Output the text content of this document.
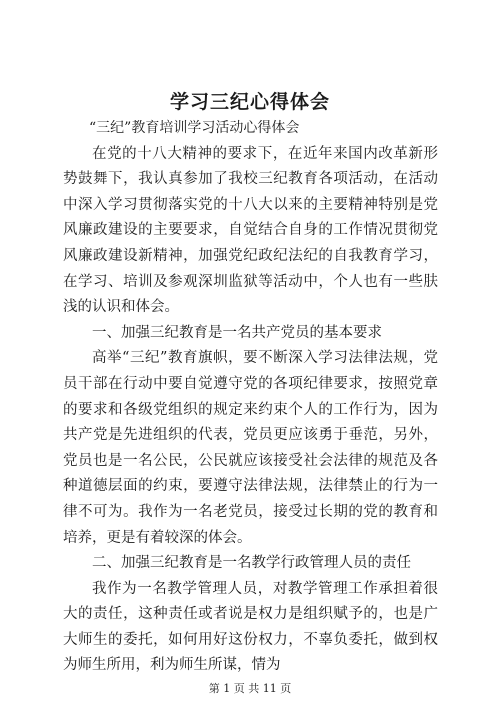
学习三纪心得体会

“三纪”教育培训学习活动心得体会

在党的十八大精神的要求下，在近年来国内改革新形势鼓舞下，我认真参加了我校三纪教育各项活动，在活动中深入学习贯彻落实党的十八大以来的主要精神特别是党风廉政建设的主要要求，自觉结合自身的工作情况贯彻党风廉政建设新精神，加强党纪政纪法纪的自我教育学习，在学习、培训及参观深圳监狱等活动中，个人也有一些肤浅的认识和体会。

一、加强三纪教育是一名共产党员的基本要求

高举“三纪”教育旗帜，要不断深入学习法律法规，党员干部在行动中要自觉遵守党的各项纪律要求，按照党章的要求和各级党组织的规定来约束个人的工作行为，因为共产党是先进组织的代表，党员更应该勇于垂范，另外，党员也是一名公民，公民就应该接受社会法律的规范及各种道德层面的约束，要遵守法律法规，法律禁止的行为一律不可为。我作为一名老党员，接受过长期的党的教育和培养，更是有着较深的体会。

二、加强三纪教育是一名教学行政管理人员的责任

我作为一名教学管理人员，对教学管理工作承担着很大的责任，这种责任或者说是权力是组织赋予的，也是广大师生的委托，如何用好这份权力，不辜负委托，做到权为师生所用，利为师生所谋，情为

第 1 页 共 11 页
